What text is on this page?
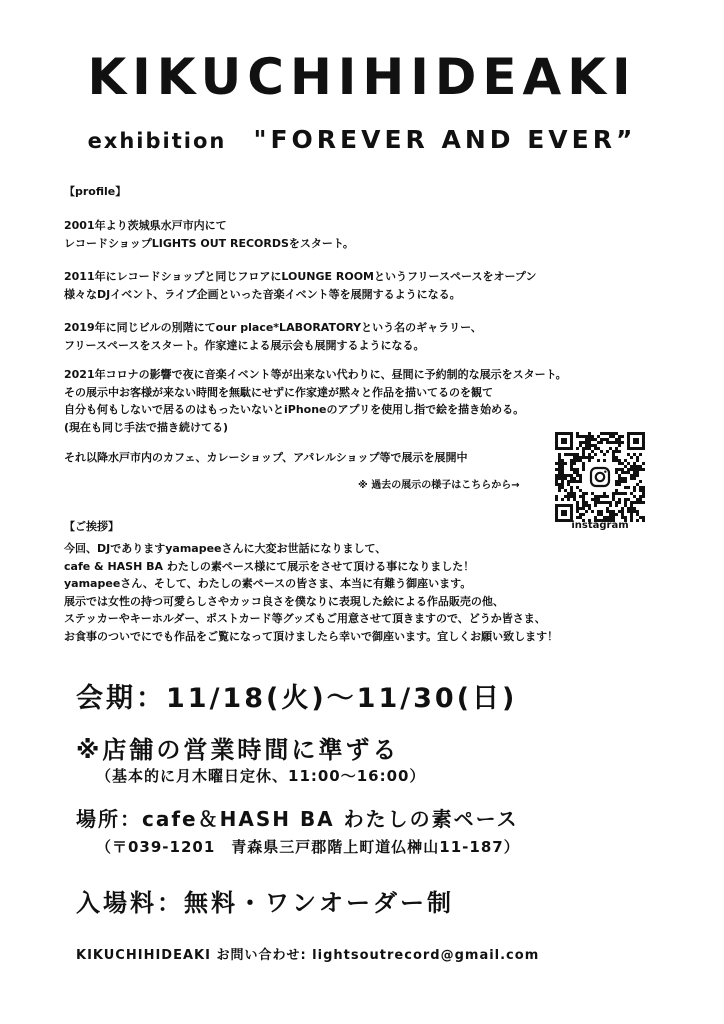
KIKUCHIHIDEAKI
exhibition "FOREVER AND EVER”
【profile】
2001年より茨城県水戸市内にて
レコードショップLIGHTS OUT RECORDSをスタート。
2011年にレコードショップと同じフロアにLOUNGE ROOMというフリースペースをオープン
様々なDJイベント、ライブ企画といった音楽イベント等を展開するようになる。
2019年に同じビルの別階にてour place*LABORATORYという名のギャラリー、
フリースペースをスタート。作家達による展示会も展開するようになる。
2021年コロナの影響で夜に音楽イベント等が出来ない代わりに、昼間に予約制的な展示をスタート。
その展示中お客様が来ない時間を無駄にせずに作家達が黙々と作品を描いてるのを観て
自分も何もしないで居るのはもったいないとiPhoneのアプリを使用し指で絵を描き始める。
(現在も同じ手法で描き続けてる)
それ以降水戸市内のカフェ、カレーショップ、アパレルショップ等で展示を展開中
※ 過去の展示の様子はこちらから→
instagram
【ご挨拶】
今回、DJでありますyamapeeさんに大変お世話になりまして、
cafe & HASH BA わたしの素ペース様にて展示をさせて頂ける事になりました！
yamapeeさん、そして、わたしの素ペースの皆さま、本当に有難う御座います。
展示では女性の持つ可愛らしさやカッコ良さを僕なりに表現した絵による作品販売の他、
ステッカーやキーホルダー、ポストカード等グッズもご用意させて頂きますので、どうか皆さま、
お食事のついでにでも作品をご覧になって頂けましたら幸いで御座います。宜しくお願い致します！
会期：11/18(火)〜11/30(日)
※店舗の営業時間に準ずる
（基本的に月木曜日定休、11:00〜16:00）
場所：cafe＆HASH BA わたしの素ペース
（〒039-1201　青森県三戸郡階上町道仏榊山11-187）
入場料：無料・ワンオーダー制
KIKUCHIHIDEAKI お問い合わせ: lightsoutrecord@gmail.com
